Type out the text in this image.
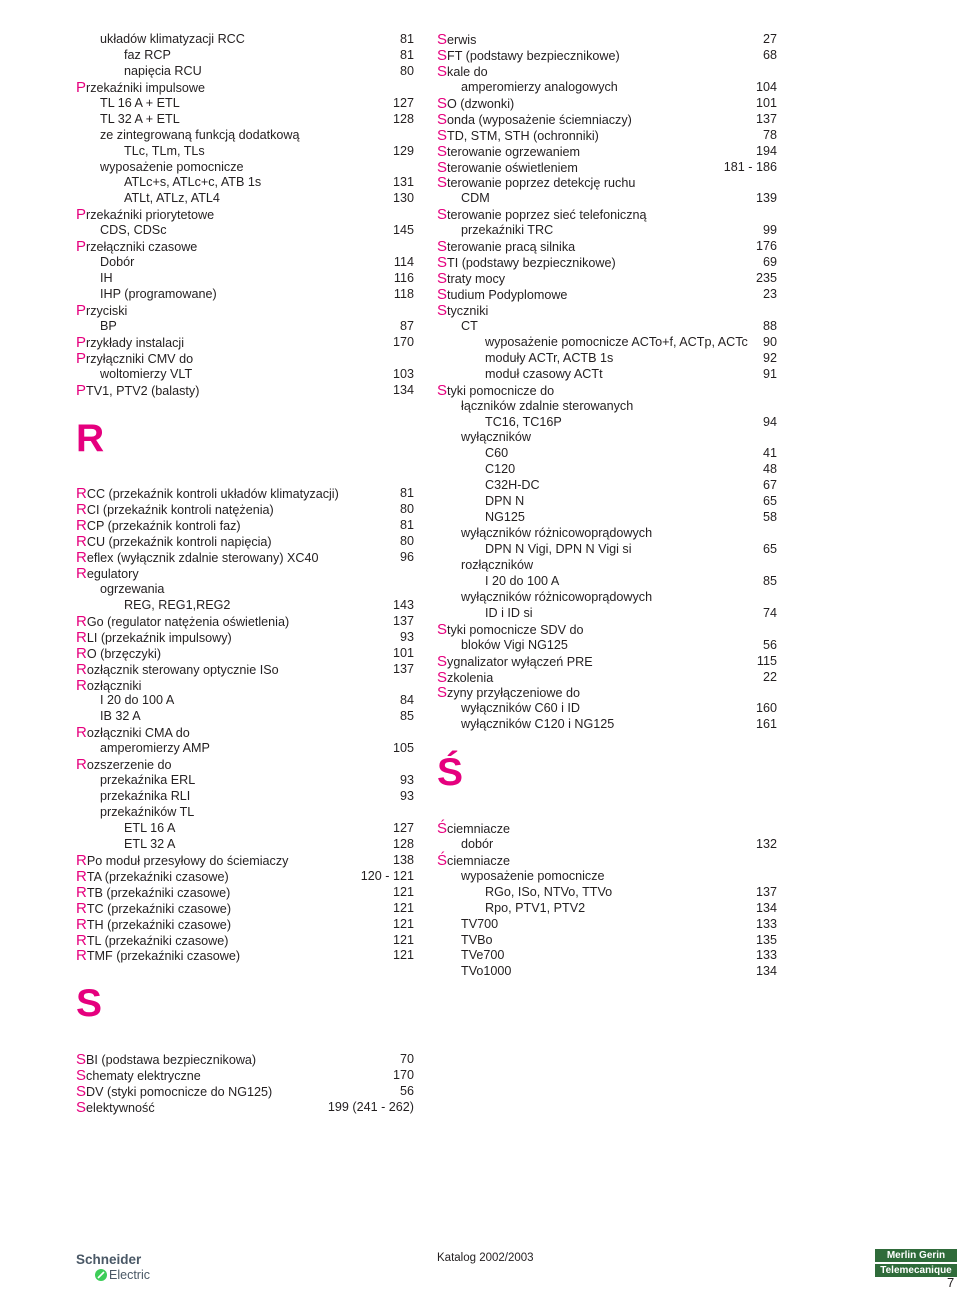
układów klimatyzacji RCC	81
faz RCP	81
napięcia RCU	80
Przekaźniki impulsowe
TL 16 A + ETL	127
TL 32 A + ETL	128
ze zintegrowaną funkcją dodatkową
TLc, TLm, TLs	129
wyposażenie pomocnicze
ATLc+s, ATLc+c, ATB 1s	131
ATLt, ATLz, ATL4	130
Przekaźniki priorytetowe
CDS, CDSc	145
Przełączniki czasowe
Dobór	114
IH	116
IHP (programowane)	118
Przyciski
BP	87
Przykłady instalacji	170
Przyłączniki CMV do
woltomierzy VLT	103
PTV1, PTV2 (balasty)	134
R
RCC (przekaźnik kontroli układów klimatyzacji)	81
RCI (przekaźnik kontroli natężenia)	80
RCP (przekaźnik kontroli faz)	81
RCU (przekaźnik kontroli napięcia)	80
Reflex (wyłącznik zdalnie sterowany) XC40	96
Regulatory
ogrzewania
REG, REG1,REG2	143
RGo (regulator natężenia oświetlenia)	137
RLI (przekaźnik impulsowy)	93
RO (brzęczyki)	101
Rozłącznik sterowany optycznie ISo	137
Rozłączniki
I 20 do 100 A	84
IB 32 A	85
Rozłączniki CMA do
amperomierzy AMP	105
Rozszerzenie do
przekaźnika ERL	93
przekaźnika RLI	93
przekaźników TL
ETL 16 A	127
ETL 32 A	128
RPo moduł przesyłowy do ściemiaczy	138
RTA (przekaźniki czasowe)	120 - 121
RTB (przekaźniki czasowe)	121
RTC (przekaźniki czasowe)	121
RTH (przekaźniki czasowe)	121
RTL (przekaźniki czasowe)	121
RTMF (przekaźniki czasowe)	121
S
SBI (podstawa bezpiecznikowa)	70
Schematy elektryczne	170
SDV (styki pomocnicze do NG125)	56
Selektywność	199 (241 - 262)
Serwis	27
SFT (podstawy bezpiecznikowe)	68
Skale do
amperomierzy analogowych	104
SO (dzwonki)	101
Sonda (wyposażenie ściemniaczy)	137
STD, STM, STH (ochronniki)	78
Sterowanie ogrzewaniem	194
Sterowanie oświetleniem	181 - 186
Sterowanie poprzez detekcję ruchu
CDM	139
Sterowanie poprzez sieć telefoniczną
przekaźniki TRC	99
Sterowanie pracą silnika	176
STI (podstawy bezpiecznikowe)	69
Straty mocy	235
Studium Podyplomowe	23
Styczniki
CT	88
wyposażenie pomocnicze ACTo+f, ACTp, ACTc 90
moduły ACTr, ACTB 1s	92
moduł czasowy ACTt	91
Styki pomocnicze do
łączników zdalnie sterowanych
TC16, TC16P	94
wyłączników
C60	41
C120	48
C32H-DC	67
DPN N	65
NG125	58
wyłączników różnicowoprądowych
DPN N Vigi, DPN N Vigi si	65
rozłączników
I 20 do 100 A	85
wyłączników różnicowoprądowych
ID i ID si	74
Styki pomocnicze SDV do
bloków Vigi NG125	56
Sygnalizator wyłączeń PRE	115
Szkolenia	22
Szyny przyłączeniowe do
wyłączników C60 i ID	160
wyłączników C120 i NG125	161
Ś
Ściemniacze
dobór	132
Ściemniacze
wyposażenie pomocnicze
RGo, ISo, NTVo, TTVo	137
Rpo, PTV1, PTV2	134
TV700	133
TVBo	135
TVe700	133
TVo1000	134
Schneider
Electric
Katalog 2002/2003	Merlin Gerin
Telemecanique
7
